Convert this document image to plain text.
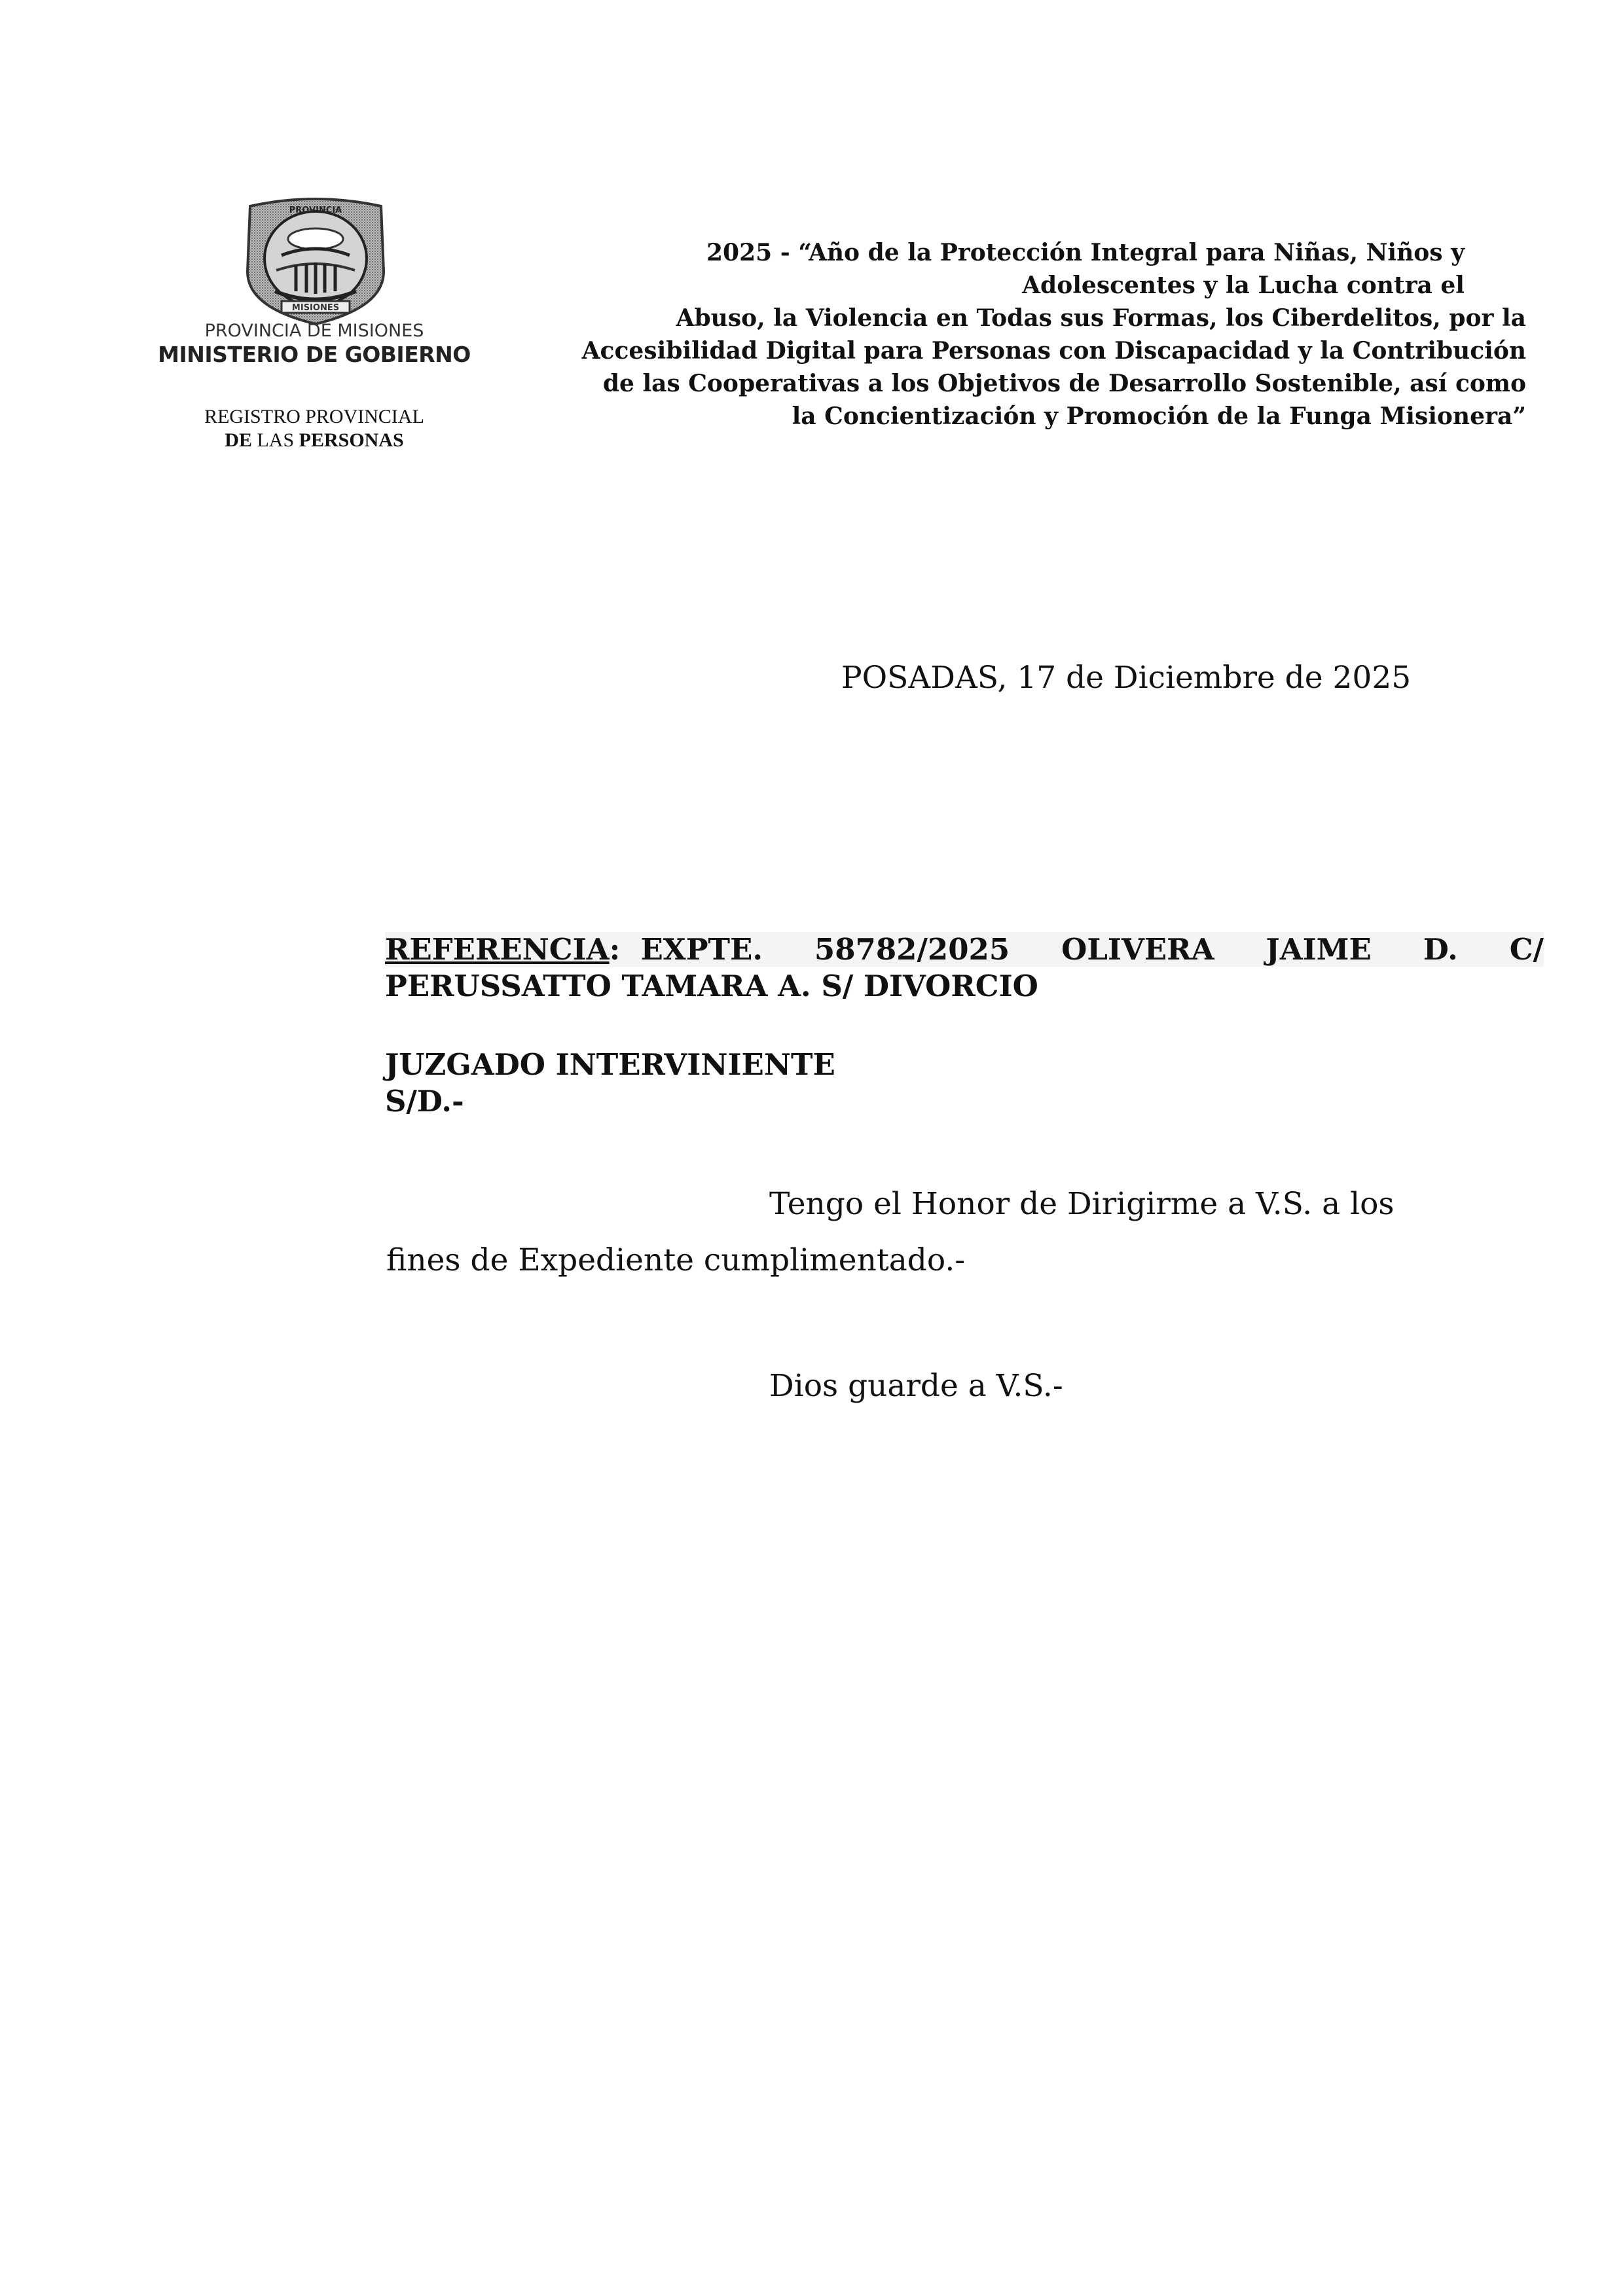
MISIONES
PROVINCIA
PROVINCIA DE MISIONES
MINISTERIO DE GOBIERNO
REGISTRO PROVINCIAL
DE LAS PERSONAS
2025 - “Año de la Protección Integral para Niñas, Niños y
Adolescentes y la Lucha contra el
Abuso, la Violencia en Todas sus Formas, los Ciberdelitos, por la
Accesibilidad Digital para Personas con Discapacidad y la Contribución
de las Cooperativas a los Objetivos de Desarrollo Sostenible, así como
la Concientización y Promoción de la Funga Misionera”
POSADAS, 17 de Diciembre de 2025
REFERENCIA:  EXPTE. 58782/2025 OLIVERA JAIME D. C/
PERUSSATTO TAMARA A. S/ DIVORCIO
JUZGADO INTERVINIENTE
S/D.-
Tengo el Honor de Dirigirme a V.S. a los
fines de Expediente cumplimentado.-
Dios guarde a V.S.-
